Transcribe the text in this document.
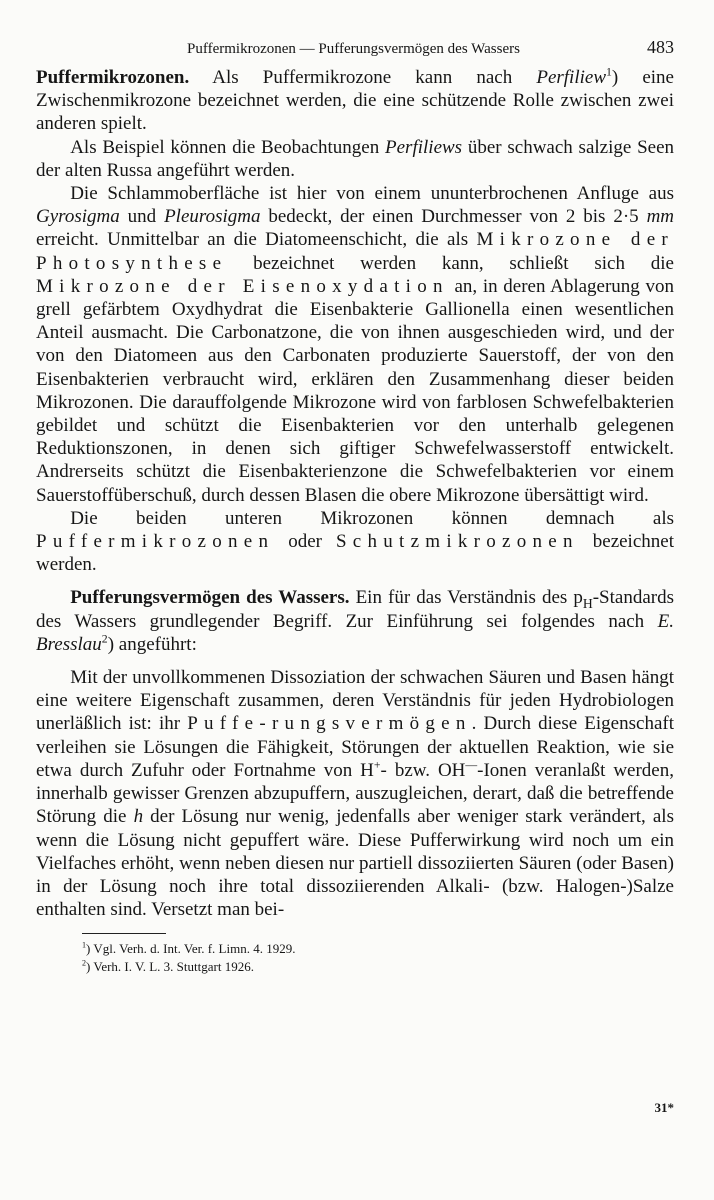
Puffermikrozonen — Pufferungsvermögen des Wassers	483

Puffermikrozonen. Als Puffermikrozone kann nach Perfiliew$^1$) eine Zwischenmikrozone bezeichnet werden, die eine schützende Rolle zwischen zwei anderen spielt.

Als Beispiel können die Beobachtungen Perfiliews über schwach salzige Seen der alten Russa angeführt werden.

Die Schlammoberfläche ist hier von einem ununterbrochenen Anfluge aus Gyrosigma und Pleurosigma bedeckt, der einen Durchmesser von 2 bis 2·5 mm erreicht. Unmittelbar an die Diatomeenschicht, die als Mikrozone der Photosynthese bezeichnet werden kann, schließt sich die Mikrozone der Eisenoxydation an, in deren Ablagerung von grell gefärbtem Oxydhydrat die Eisenbakterie Gallionella einen wesentlichen Anteil ausmacht. Die Carbonatzone, die von ihnen ausgeschieden wird, und der von den Diatomeen aus den Carbonaten produzierte Sauerstoff, der von den Eisenbakterien verbraucht wird, erklären den Zusammenhang dieser beiden Mikrozonen. Die darauffolgende Mikrozone wird von farblosen Schwefelbakterien gebildet und schützt die Eisenbakterien vor den unterhalb gelegenen Reduktionszonen, in denen sich giftiger Schwefelwasserstoff entwickelt. Andrerseits schützt die Eisenbakterienzone die Schwefelbakterien vor einem Sauerstoffüberschuß, durch dessen Blasen die obere Mikrozone übersättigt wird.

Die beiden unteren Mikrozonen können demnach als Puffermikrozonen oder Schutzmikrozonen bezeichnet werden.

Pufferungsvermögen des Wassers. Ein für das Verständnis des $p_H$-Standards des Wassers grundlegender Begriff. Zur Einführung sei folgendes nach E. Bresslau$^2$) angeführt:

Mit der unvollkommenen Dissoziation der schwachen Säuren und Basen hängt eine weitere Eigenschaft zusammen, deren Verständnis für jeden Hydrobiologen unerläßlich ist: ihr Puffe-rungsvermögen. Durch diese Eigenschaft verleihen sie Lösungen die Fähigkeit, Störungen der aktuellen Reaktion, wie sie etwa durch Zufuhr oder Fortnahme von H+- bzw. OH—-Ionen veranlaßt werden, innerhalb gewisser Grenzen abzupuffern, auszugleichen, derart, daß die betreffende Störung die h der Lösung nur wenig, jedenfalls aber weniger stark verändert, als wenn die Lösung nicht gepuffert wäre. Diese Pufferwirkung wird noch um ein Vielfaches erhöht, wenn neben diesen nur partiell dissoziierten Säuren (oder Basen) in der Lösung noch ihre total dissoziierenden Alkali- (bzw. Halogen-)Salze enthalten sind. Versetzt man bei-

$^1$) Vgl. Verh. d. Int. Ver. f. Limn. 4. 1929.
$^2$) Verh. I. V. L. 3. Stuttgart 1926.
31*
